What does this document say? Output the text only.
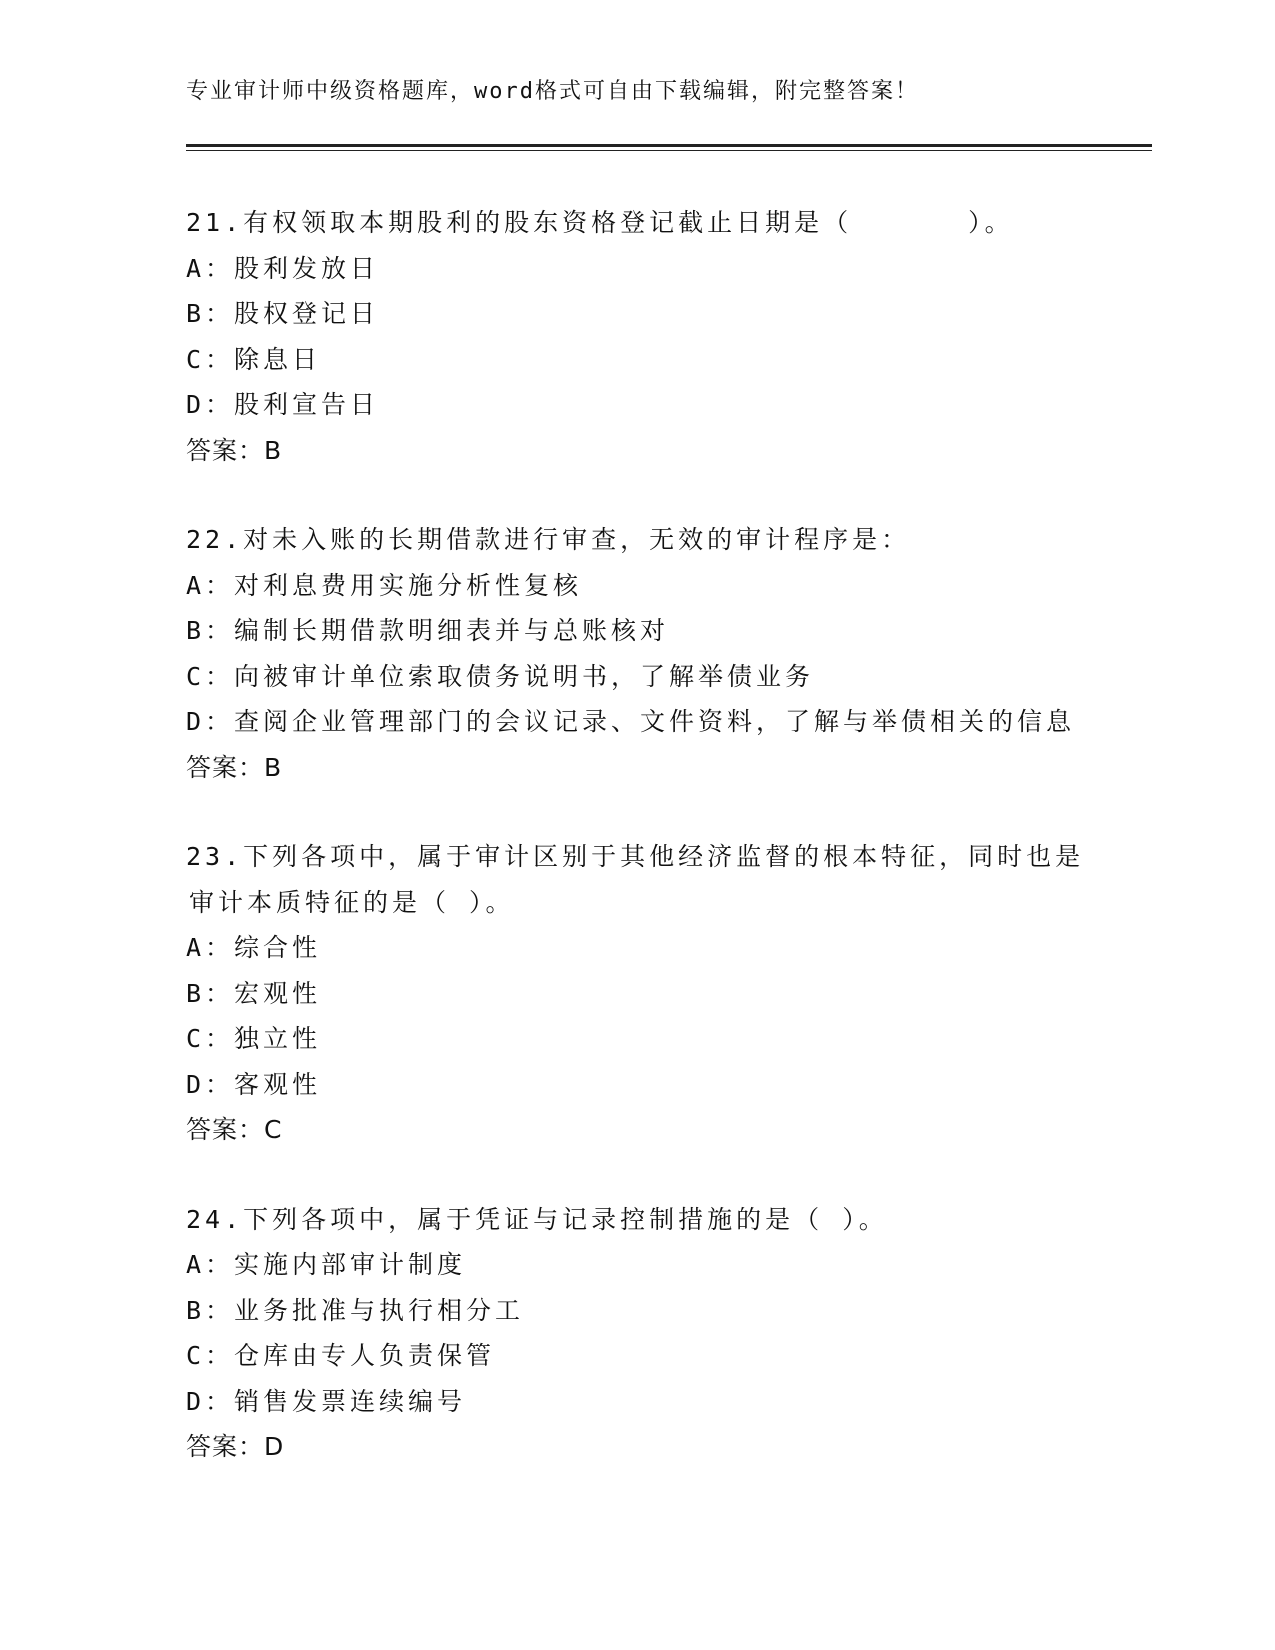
专业审计师中级资格题库，word格式可自由下载编辑，附完整答案！
21.有权领取本期股利的股东资格登记截止日期是（　　　　）。
A：股利发放日
B：股权登记日
C：除息日
D：股利宣告日
答案：B
22.对未入账的长期借款进行审查，无效的审计程序是：
A：对利息费用实施分析性复核
B：编制长期借款明细表并与总账核对
C：向被审计单位索取债务说明书，了解举债业务
D：查阅企业管理部门的会议记录、文件资料，了解与举债相关的信息
答案：B
23.下列各项中，属于审计区别于其他经济监督的根本特征，同时也是
审计本质特征的是（ ）。
A：综合性
B：宏观性
C：独立性
D：客观性
答案：C
24.下列各项中，属于凭证与记录控制措施的是（ ）。
A：实施内部审计制度
B：业务批准与执行相分工
C：仓库由专人负责保管
D：销售发票连续编号
答案：D
